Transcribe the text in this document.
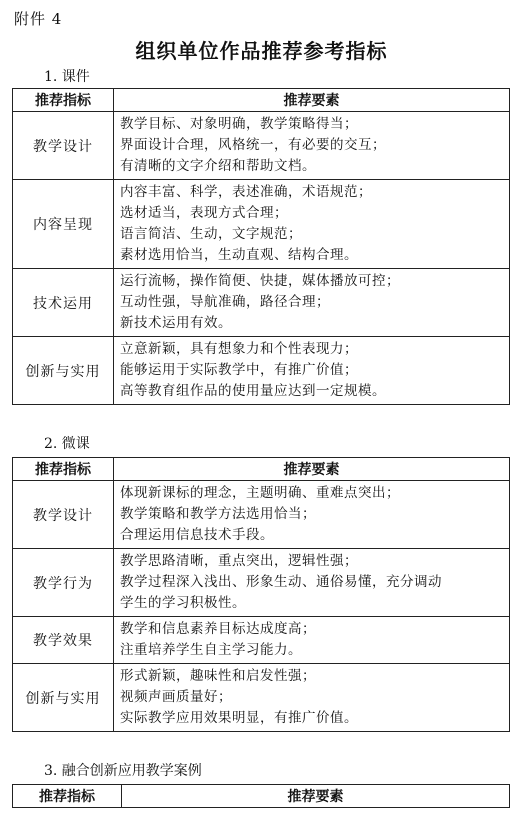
附件 4
组织单位作品推荐参考指标
1. 课件
推荐指标	推荐要素
教学设计	教学目标、对象明确，教学策略得当；
界面设计合理，风格统一，有必要的交互；
有清晰的文字介绍和帮助文档。

内容呈现	内容丰富、科学，表述准确，术语规范；
选材适当，表现方式合理；
语言简洁、生动，文字规范；
素材选用恰当，生动直观、结构合理。

技术运用	运行流畅，操作简便、快捷，媒体播放可控；
互动性强，导航准确，路径合理；
新技术运用有效。

创新与实用	立意新颖，具有想象力和个性表现力；
能够运用于实际教学中，有推广价值；
高等教育组作品的使用量应达到一定规模。
2. 微课
推荐指标	推荐要素
教学设计	体现新课标的理念，主题明确、重难点突出；
教学策略和教学方法选用恰当；
合理运用信息技术手段。

教学行为	教学思路清晰，重点突出，逻辑性强；
教学过程深入浅出、形象生动、通俗易懂，充分调动
学生的学习积极性。

教学效果	教学和信息素养目标达成度高；
注重培养学生自主学习能力。

创新与实用	形式新颖，趣味性和启发性强；
视频声画质量好；
实际教学应用效果明显，有推广价值。
3. 融合创新应用教学案例
推荐指标	推荐要素
